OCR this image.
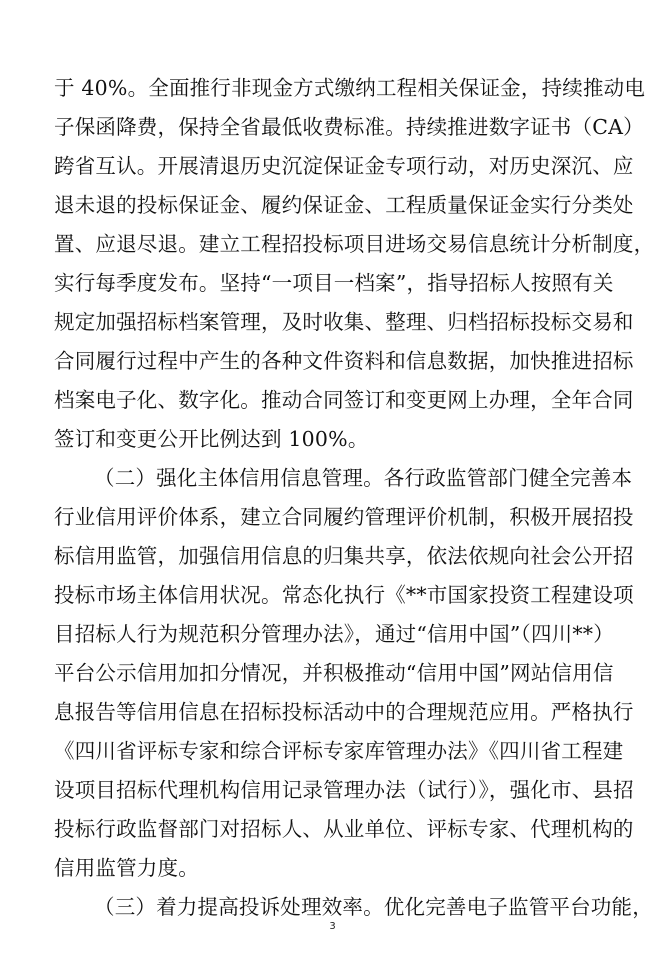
于 40%。全面推行非现金方式缴纳工程相关保证金，持续推动电
子保函降费，保持全省最低收费标准。持续推进数字证书（CA）
跨省互认。开展清退历史沉淀保证金专项行动，对历史深沉、应
退未退的投标保证金、履约保证金、工程质量保证金实行分类处
置、应退尽退。建立工程招投标项目进场交易信息统计分析制度，
实行每季度发布。坚持“一项目一档案”，指导招标人按照有关
规定加强招标档案管理，及时收集、整理、归档招标投标交易和
合同履行过程中产生的各种文件资料和信息数据，加快推进招标
档案电子化、数字化。推动合同签订和变更网上办理，全年合同
签订和变更公开比例达到 100%。
（二）强化主体信用信息管理。各行政监管部门健全完善本
行业信用评价体系，建立合同履约管理评价机制，积极开展招投
标信用监管，加强信用信息的归集共享，依法依规向社会公开招
投标市场主体信用状况。常态化执行《**市国家投资工程建设项
目招标人行为规范积分管理办法》，通过“信用中国”（四川**）
平台公示信用加扣分情况，并积极推动“信用中国”网站信用信
息报告等信用信息在招标投标活动中的合理规范应用。严格执行
《四川省评标专家和综合评标专家库管理办法》《四川省工程建
设项目招标代理机构信用记录管理办法（试行）》，强化市、县招
投标行政监督部门对招标人、从业单位、评标专家、代理机构的
信用监管力度。
（三）着力提高投诉处理效率。优化完善电子监管平台功能，
3
